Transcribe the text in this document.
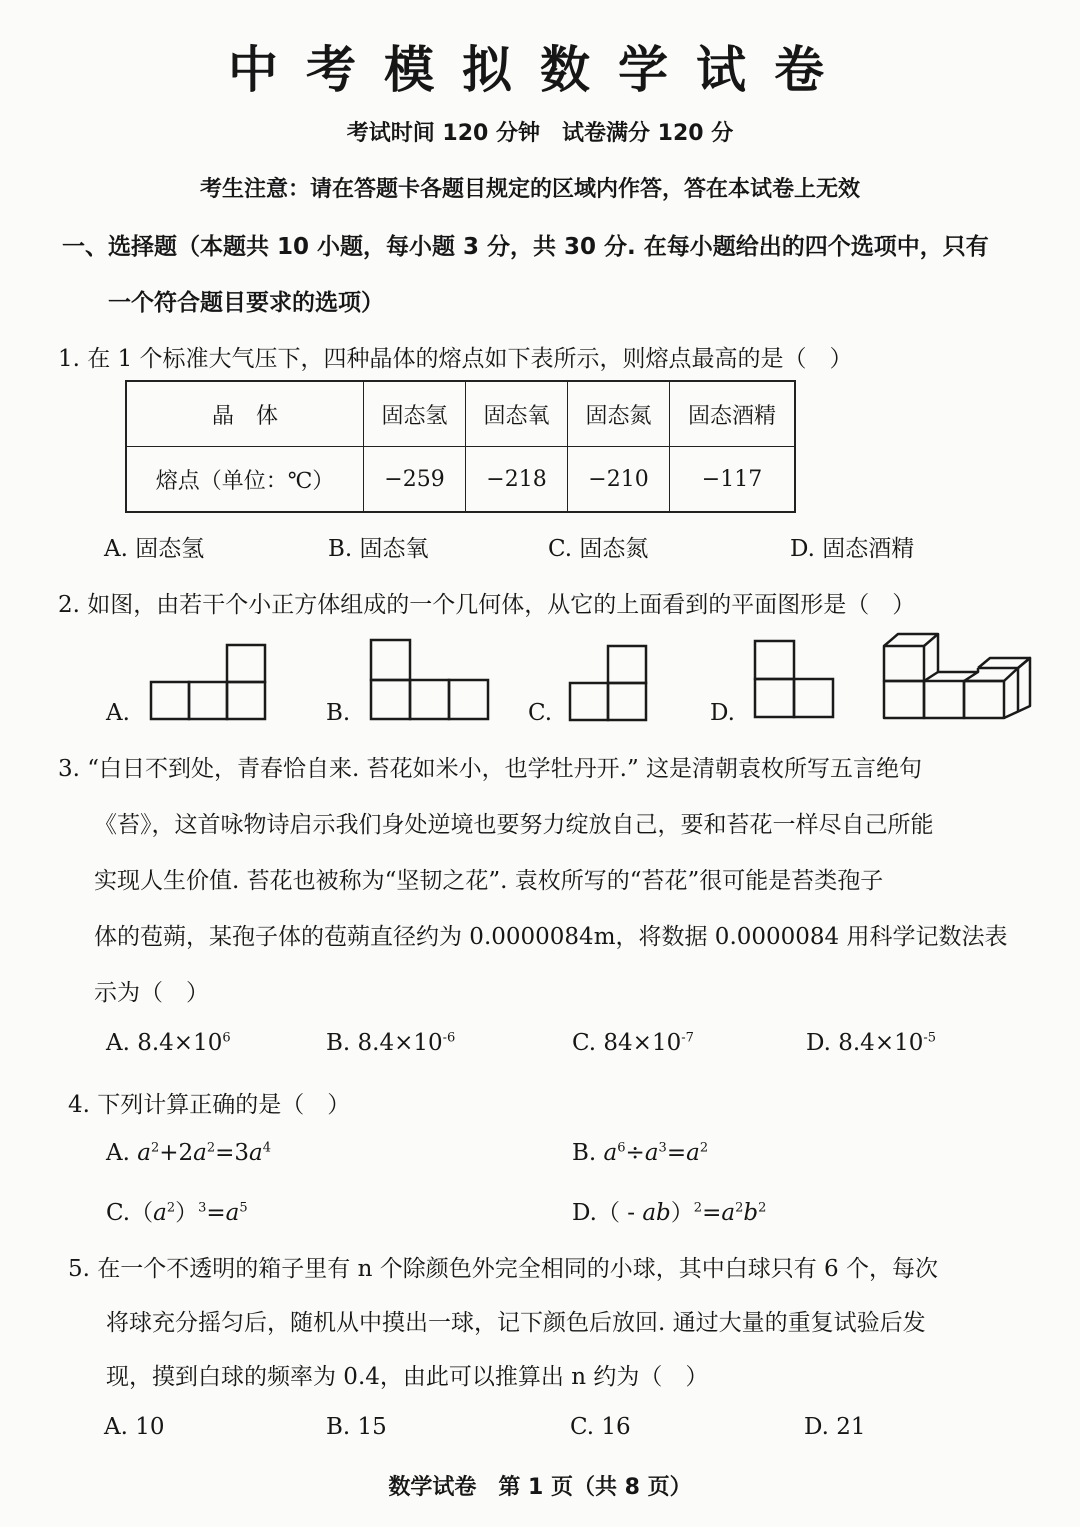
中考模拟数学试卷
考试时间 120 分钟　试卷满分 120 分
考生注意：请在答题卡各题目规定的区域内作答，答在本试卷上无效
一、选择题（本题共 10 小题，每小题 3 分，共 30 分. 在每小题给出的四个选项中，只有
一个符合题目要求的选项）
1. 在 1 个标准大气压下，四种晶体的熔点如下表所示，则熔点最高的是（　）
晶　体	固态氢	固态氧	固态氮	固态酒精
熔点（单位：℃）	−259	−218	−210	−117
A. 固态氢	B. 固态氧	C. 固态氮	D. 固态酒精
2. 如图，由若干个小正方体组成的一个几何体，从它的上面看到的平面图形是（　）
A.	B.	C.	D.
3. “白日不到处，青春恰自来. 苔花如米小，也学牡丹开.” 这是清朝袁枚所写五言绝句
《苔》，这首咏物诗启示我们身处逆境也要努力绽放自己，要和苔花一样尽自己所能
实现人生价值. 苔花也被称为“坚韧之花”. 袁枚所写的“苔花”很可能是苔类孢子
体的苞蒴，某孢子体的苞蒴直径约为 0.0000084m，将数据 0.0000084 用科学记数法表
示为（　）
A. $8.4\times 10^6$	B. $8.4\times 10^{-6}$	C. $84\times 10^{-7}$	D. $8.4\times 10^{-5}$
4. 下列计算正确的是（　）
A. $a^2+2a^2=3a^4$	B. $a^6\div a^3=a^2$
$C.(a^2)^3=a^5$	$D.( - ab)^2=a^2b^2$
5. 在一个不透明的箱子里有 n 个除颜色外完全相同的小球，其中白球只有 6 个，每次
将球充分摇匀后，随机从中摸出一球，记下颜色后放回. 通过大量的重复试验后发
现，摸到白球的频率为 0.4，由此可以推算出 n 约为（　）
A. 10	B. 15	C. 16	D. 21
数学试卷　第 1 页（共 8 页）
